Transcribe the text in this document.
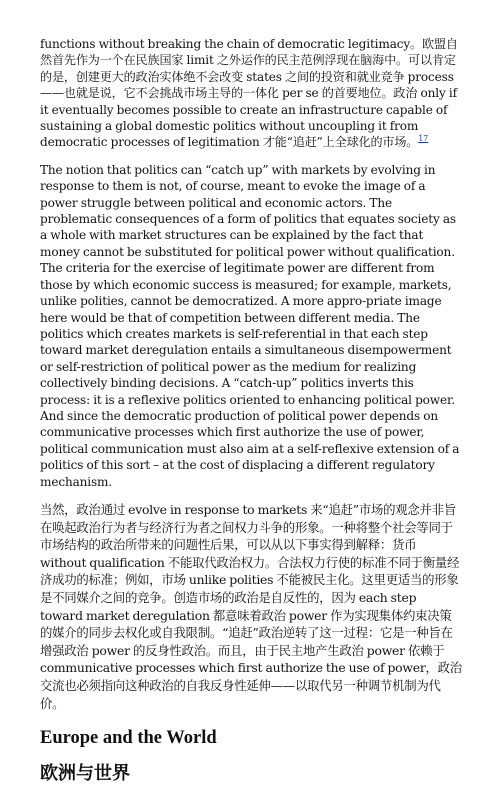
functions without breaking the chain of democratic legitimacy。欧盟自然首先作为一个在民族国家 limit 之外运作的民主范例浮现在脑海中。可以肯定的是，创建更大的政治实体绝不会改变 states 之间的投资和就业竞争 process——也就是说，它不会挑战市场主导的一体化 per se 的首要地位。政治 only if it eventually becomes possible to create an infrastructure capable of sustaining a global domestic politics without uncoupling it from democratic processes of legitimation 才能“追赶”上全球化的市场。$^{17}$

The notion that politics can “catch up” with markets by evolving in response to them is not, of course, meant to evoke the image of a power struggle between political and economic actors. The problematic consequences of a form of politics that equates society as a whole with market structures can be explained by the fact that money cannot be substituted for political power without qualification. The criteria for the exercise of legitimate power are different from those by which economic success is measured; for example, markets, unlike polities, cannot be democratized. A more appro-priate image here would be that of competition between different media. The politics which creates markets is self-referential in that each step toward market deregulation entails a simultaneous disempowerment or self-restriction of political power as the medium for realizing collectively binding decisions. A “catch-up” politics inverts this process: it is a reflexive politics oriented to enhancing political power. And since the democratic production of political power depends on communicative processes which first authorize the use of power, political communication must also aim at a self-reflexive extension of a politics of this sort – at the cost of displacing a different regulatory mechanism.

当然，政治通过 evolve in response to markets 来“追赶”市场的观念并非旨在唤起政治行为者与经济行为者之间权力斗争的形象。一种将整个社会等同于市场结构的政治所带来的问题性后果，可以从以下事实得到解释：货币 without qualification 不能取代政治权力。合法权力行使的标准不同于衡量经济成功的标准；例如，市场 unlike polities 不能被民主化。这里更适当的形象是不同媒介之间的竞争。创造市场的政治是自反性的，因为 each step toward market deregulation 都意味着政治 power 作为实现集体约束决策的媒介的同步去权化或自我限制。“追赶”政治逆转了这一过程：它是一种旨在增强政治 power 的反身性政治。而且，由于民主地产生政治 power 依赖于 communicative processes which first authorize the use of power，政治交流也必须指向这种政治的自我反身性延伸——以取代另一种调节机制为代价。

Europe and the World
欧洲与世界
